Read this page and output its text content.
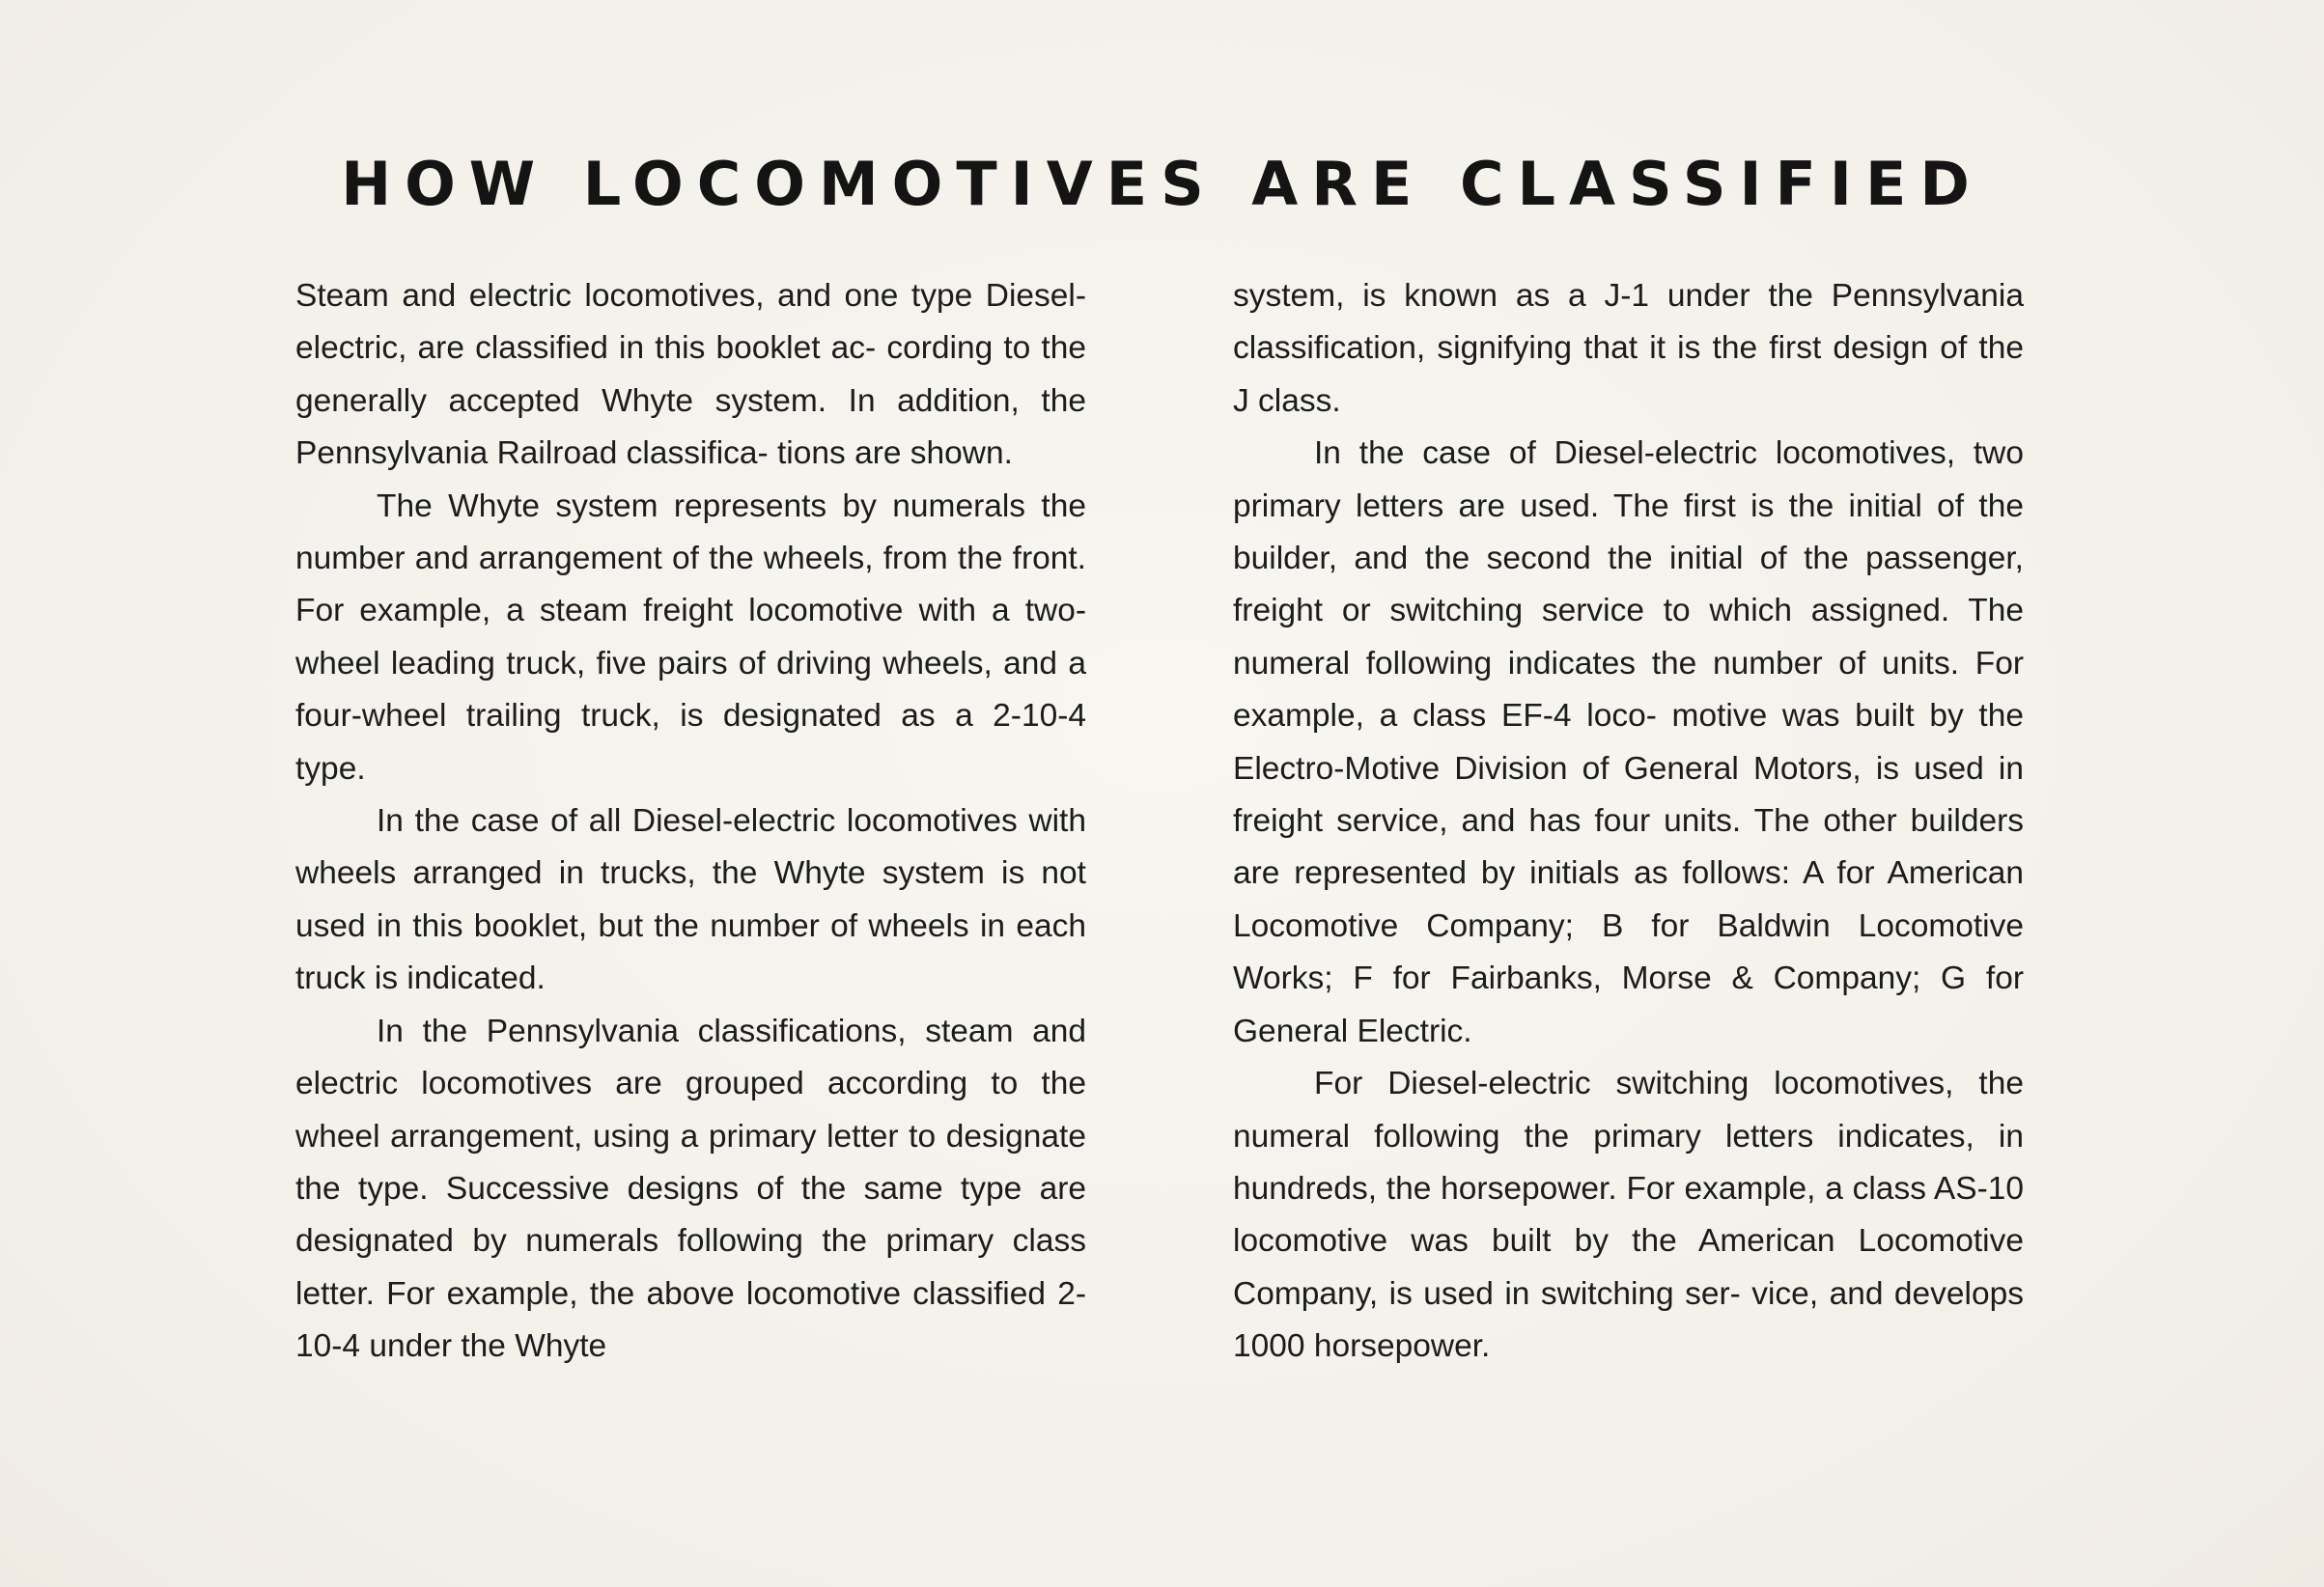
HOW LOCOMOTIVES ARE CLASSIFIED

Steam and electric locomotives, and one type Diesel-electric, are classified in this booklet ac- cording to the generally accepted Whyte system. In addition, the Pennsylvania Railroad classifica- tions are shown.

The Whyte system represents by numerals the number and arrangement of the wheels, from the front. For example, a steam freight locomotive with a two-wheel leading truck, five pairs of driving wheels, and a four-wheel trailing truck, is designated as a 2-10-4 type.

In the case of all Diesel-electric locomotives with wheels arranged in trucks, the Whyte system is not used in this booklet, but the number of wheels in each truck is indicated.

In the Pennsylvania classifications, steam and electric locomotives are grouped according to the wheel arrangement, using a primary letter to designate the type. Successive designs of the same type are designated by numerals following the primary class letter. For example, the above locomotive classified 2-10-4 under the Whyte

system, is known as a J-1 under the Pennsylvania classification, signifying that it is the first design of the J class.

In the case of Diesel-electric locomotives, two primary letters are used. The first is the initial of the builder, and the second the initial of the passenger, freight or switching service to which assigned. The numeral following indicates the number of units. For example, a class EF-4 loco- motive was built by the Electro-Motive Division of General Motors, is used in freight service, and has four units. The other builders are represented by initials as follows: A for American Locomotive Company; B for Baldwin Locomotive Works; F for Fairbanks, Morse & Company; G for General Electric.

For Diesel-electric switching locomotives, the numeral following the primary letters indicates, in hundreds, the horsepower. For example, a class AS-10 locomotive was built by the American Locomotive Company, is used in switching ser- vice, and develops 1000 horsepower.
